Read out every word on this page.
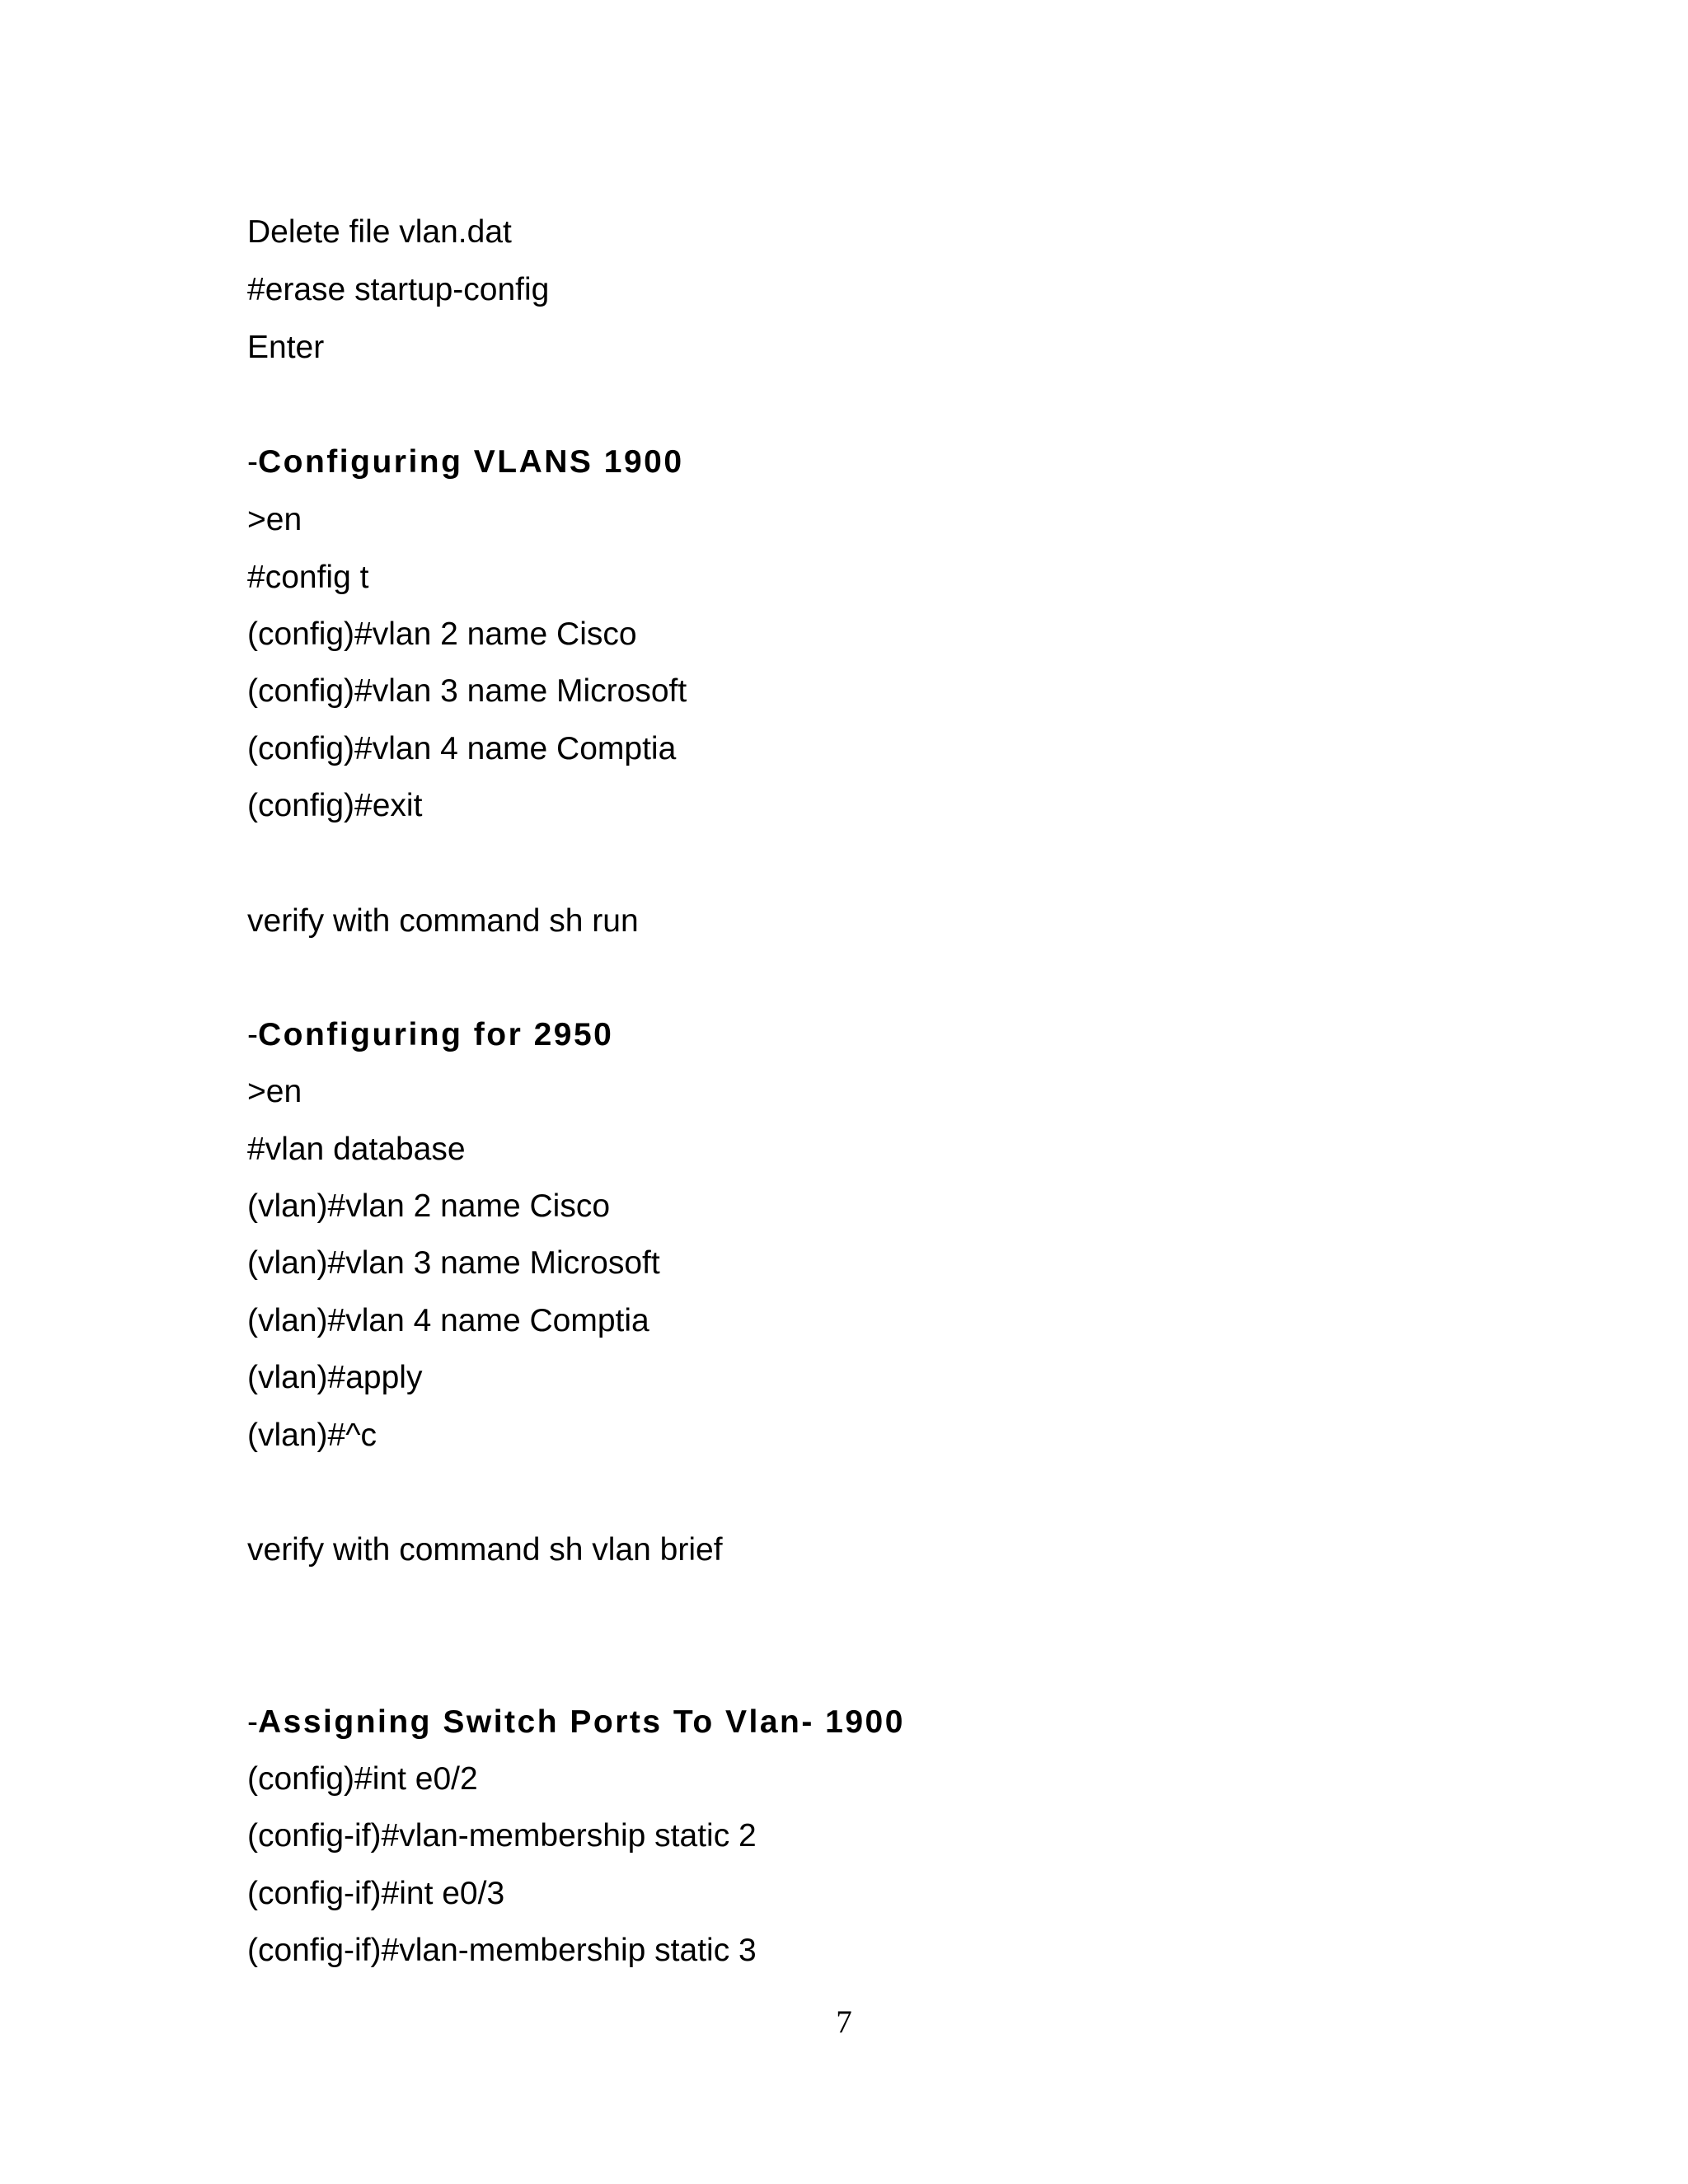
Delete file vlan.dat
#erase startup-config
Enter
-Configuring VLANS 1900
>en
#config t
(config)#vlan 2 name Cisco
(config)#vlan 3 name Microsoft
(config)#vlan 4 name Comptia
(config)#exit
verify with command sh run
-Configuring for 2950
>en
#vlan database
(vlan)#vlan 2 name Cisco
(vlan)#vlan 3 name Microsoft
(vlan)#vlan 4 name Comptia
(vlan)#apply
(vlan)#^c
verify with command sh vlan brief
-Assigning Switch Ports To Vlan- 1900
(config)#int e0/2
(config-if)#vlan-membership static 2
(config-if)#int e0/3
(config-if)#vlan-membership static 3
7
